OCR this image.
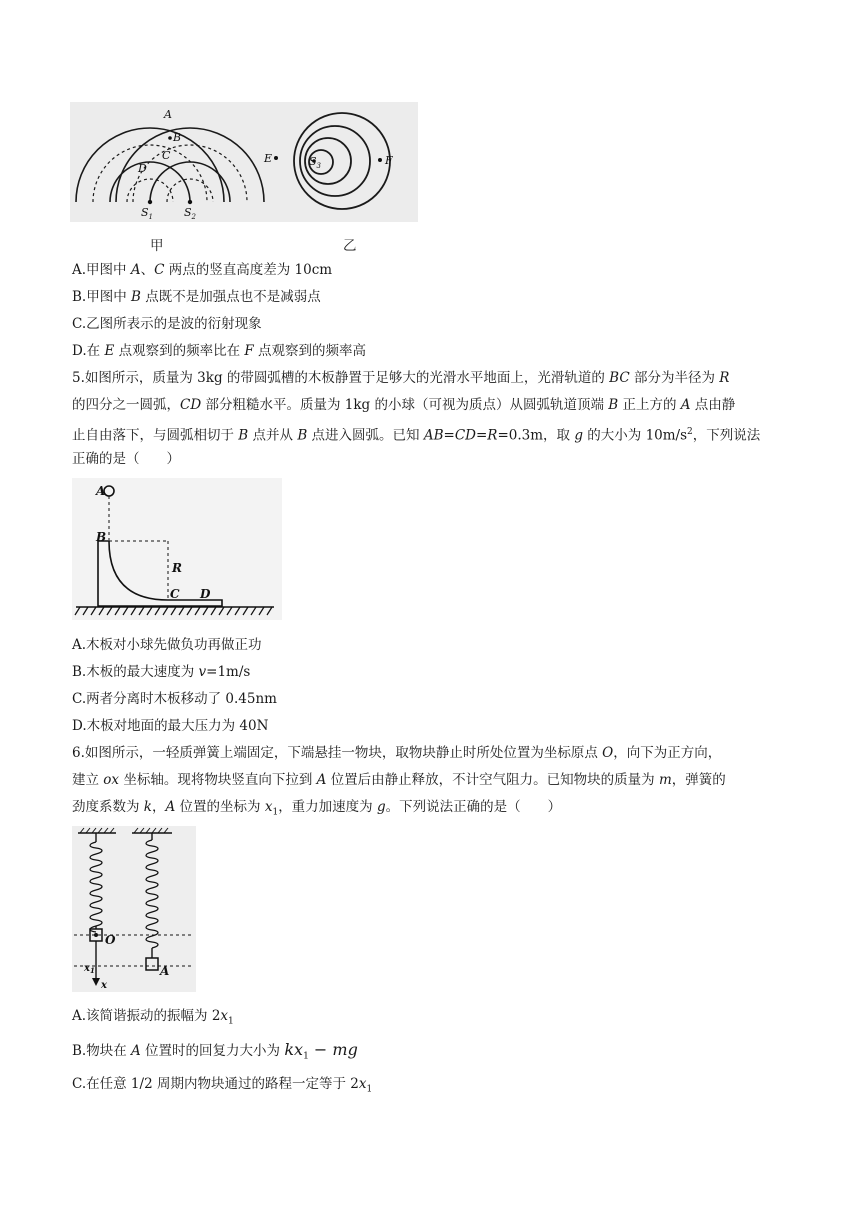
A
B
C
D
$S_1$	$S_2$
$S_3$
E	F
甲	乙
A.甲图中 A、C 两点的竖直高度差为 10cm
B.甲图中 B 点既不是加强点也不是减弱点
C.乙图所表示的是波的衍射现象
D.在 E 点观察到的频率比在 F 点观察到的频率高
5.如图所示，质量为 3kg 的带圆弧槽的木板静置于足够大的光滑水平地面上，光滑轨道的 BC 部分为半径为 R
的四分之一圆弧，CD 部分粗糙水平。质量为 1kg 的小球（可视为质点）从圆弧轨道顶端 B 正上方的 A 点由静
止自由落下，与圆弧相切于 B 点并从 B 点进入圆弧。已知 AB=CD=R=0.3m，取 g 的大小为 $10m/s^2$，下列说法
正确的是（　　）
A
B
R
C D
A.木板对小球先做负功再做正功
B.木板的最大速度为 v=1m/s
C.两者分离时木板移动了 0.45nm
D.木板对地面的最大压力为 40N
6.如图所示，一轻质弹簧上端固定，下端悬挂一物块，取物块静止时所处位置为坐标原点 O，向下为正方向，
建立 ox 坐标轴。现将物块竖直向下拉到 A 位置后由静止释放，不计空气阻力。已知物块的质量为 m，弹簧的
劲度系数为 k，A 位置的坐标为 $x_1$，重力加速度为 g。下列说法正确的是（　　）
O
$x_1$
x
A
A.该简谐振动的振幅为 $2x_1$
B.物块在 A 位置时的回复力大小为 $kx_1$ − mg
C.在任意 1/2 周期内物块通过的路程一定等于 $2x_1$
